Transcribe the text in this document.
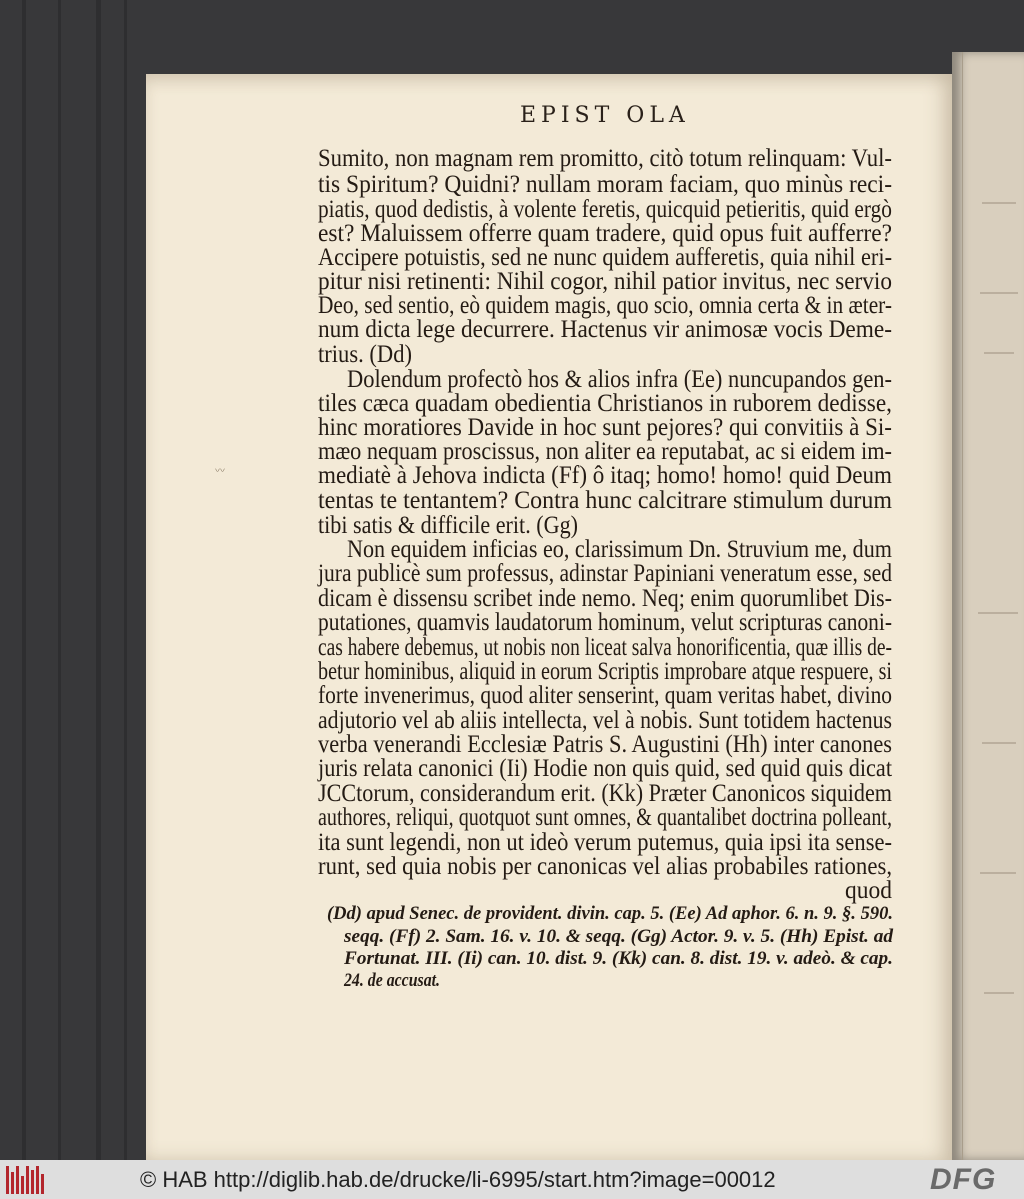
EPIST OLA
〰
Sumito, non magnam rem promitto, citò totum relinquam: Vul-
tis Spiritum? Quidni? nullam moram faciam, quo minùs reci-
piatis, quod dedistis, à volente feretis, quicquid petieritis, quid ergò
est? Maluissem offerre quam tradere, quid opus fuit aufferre?
Accipere potuistis, sed ne nunc quidem aufferetis, quia nihil eri-
pitur nisi retinenti: Nihil cogor, nihil patior invitus, nec servio
Deo, sed sentio, eò quidem magis, quo scio, omnia certa & in æter-
num dicta lege decurrere. Hactenus vir animosæ vocis Deme-
trius. (Dd)
Dolendum profectò hos & alios infra (Ee) nuncupandos gen-
tiles cæca quadam obedientia Christianos in ruborem dedisse,
hinc moratiores Davide in hoc sunt pejores? qui convitiis à Si-
mæo nequam proscissus, non aliter ea reputabat, ac si eidem im-
mediatè à Jehova indicta (Ff) ô itaq; homo! homo! quid Deum
tentas te tentantem? Contra hunc calcitrare stimulum durum
tibi satis & difficile erit. (Gg)
Non equidem inficias eo, clarissimum Dn. Struvium me, dum
jura publicè sum professus, adinstar Papiniani veneratum esse, sed
dicam è dissensu scribet inde nemo. Neq; enim quorumlibet Dis-
putationes, quamvis laudatorum hominum, velut scripturas canoni-
cas habere debemus, ut nobis non liceat salva honorificentia, quæ illis de-
betur hominibus, aliquid in eorum Scriptis improbare atque respuere, si
forte invenerimus, quod aliter senserint, quam veritas habet, divino
adjutorio vel ab aliis intellecta, vel à nobis. Sunt totidem hactenus
verba venerandi Ecclesiæ Patris S. Augustini (Hh) inter canones
juris relata canonici (Ii) Hodie non quis quid, sed quid quis dicat
JCCtorum, considerandum erit. (Kk) Præter Canonicos siquidem
authores, reliqui, quotquot sunt omnes, & quantalibet doctrina polleant,
ita sunt legendi, non ut ideò verum putemus, quia ipsi ita sense-
runt, sed quia nobis per canonicas vel alias probabiles rationes,
quod
(Dd) apud Senec. de provident. divin. cap. 5. (Ee) Ad aphor. 6. n. 9. §. 590.
seqq. (Ff) 2. Sam. 16. v. 10. & seqq. (Gg) Actor. 9. v. 5. (Hh) Epist. ad
Fortunat. III. (Ii) can. 10. dist. 9. (Kk) can. 8. dist. 19. v. adeò. & cap.
24. de accusat.
© HAB http://diglib.hab.de/drucke/li-6995/start.htm?image=00012	DFG
